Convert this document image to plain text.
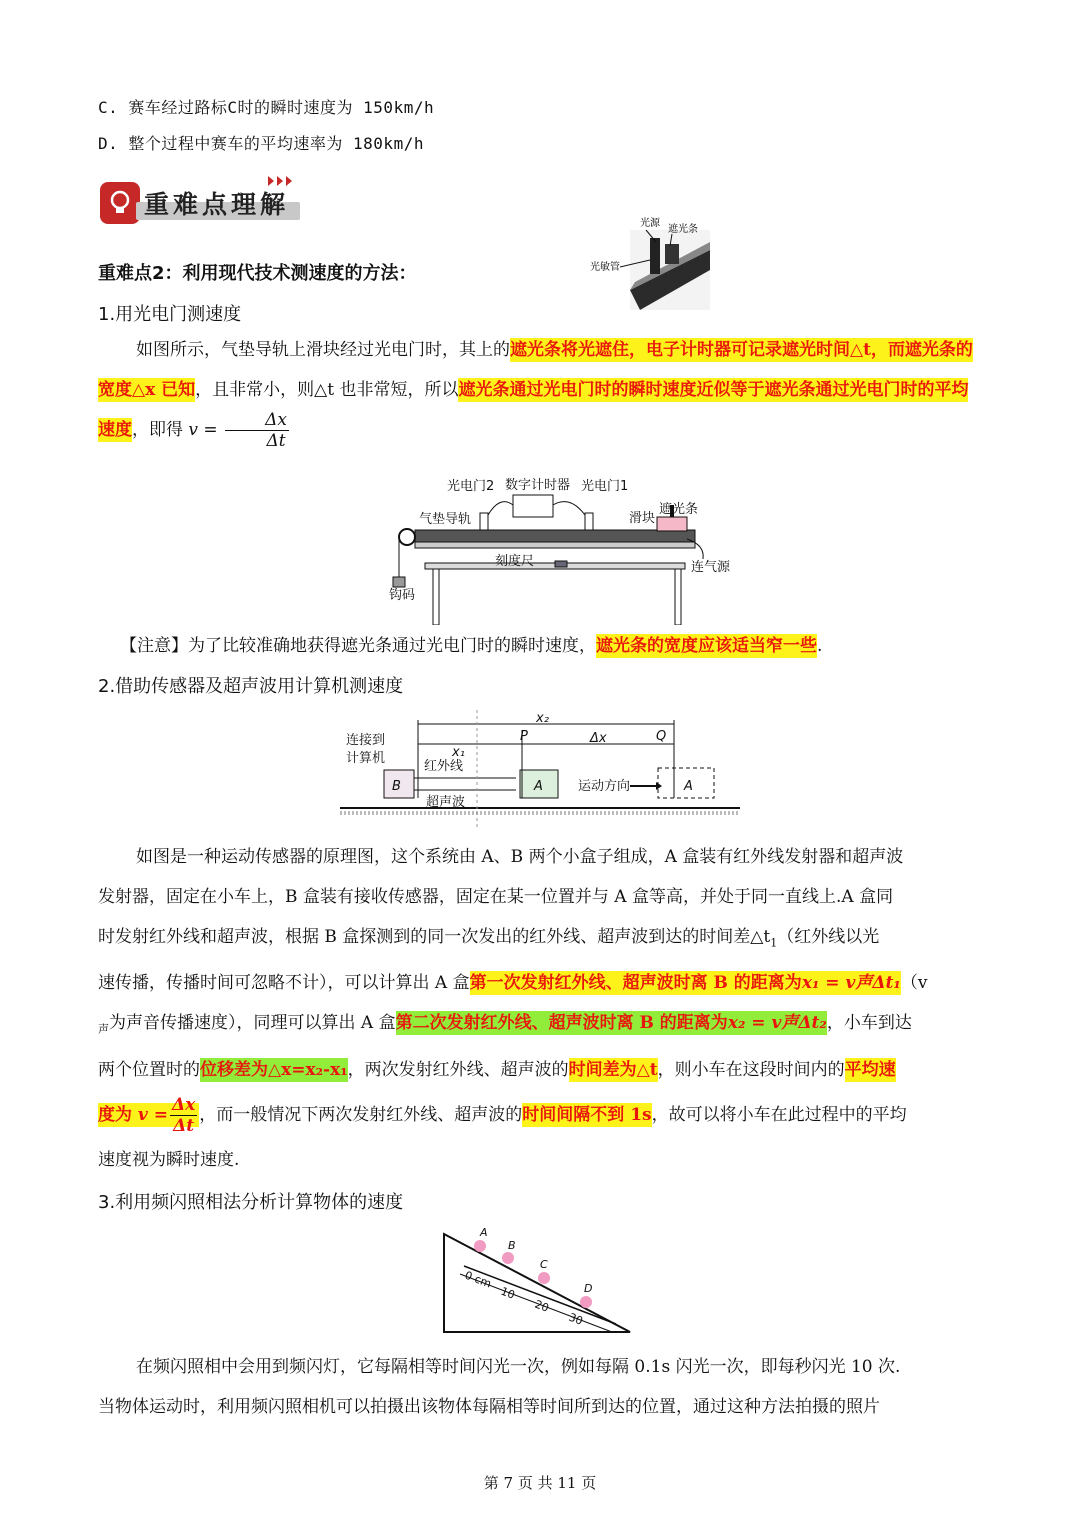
C. 赛车经过路标C时的瞬时速度为 150km/h
D. 整个过程中赛车的平均速率为 180km/h
重难点理解
重难点2：利用现代技术测速度的方法：
光源
遮光条
光敏管
1.用光电门测速度
如图所示，气垫导轨上滑块经过光电门时，其上的遮光条将光遮住，电子计时器可记录遮光时间△t，而遮光条的宽度△x 已知，且非常小，则△t 也非常短，所以遮光条通过光电门时的瞬时速度近似等于遮光条通过光电门时的平均速度，即得 $v = \frac{\Delta x}{\Delta t}$
光电门2 数字计时器 光电门1
气垫导轨	滑块
遮光条
刻度尺	连气源
钩码
【注意】为了比较准确地获得遮光条通过光电门时的瞬时速度，遮光条的宽度应该适当窄一些.
2.借助传感器及超声波用计算机测速度
连接到
计算机
红外线
超声波
运动方向
B	A	A
P	Q
x₁
x₂
Δx
如图是一种运动传感器的原理图，这个系统由 A、B 两个小盒子组成，A 盒装有红外线发射器和超声波
发射器，固定在小车上，B 盒装有接收传感器，固定在某一位置并与 A 盒等高，并处于同一直线上.A 盒同
时发射红外线和超声波，根据 B 盒探测到的同一次发出的红外线、超声波到达的时间差$\triangle t_1$（红外线以光
速传播，传播时间可忽略不计），可以计算出 A 盒第一次发射红外线、超声波时离 B 的距离为x₁ = v声Δt₁（v
$_声$为声音传播速度），同理可以算出 A 盒第二次发射红外线、超声波时离 B 的距离为x₂ = v声Δt₂，小车到达
两个位置时的位移差为△x=x₂-x₁，两次发射红外线、超声波的时间差为△t，则小车在这段时间内的平均速
度为 $v = \frac{\Delta x}{\Delta t}$ ，而一般情况下两次发射红外线、超声波的时间间隔不到 1s，故可以将小车在此过程中的平均
速度视为瞬时速度.
3.利用频闪照相法分析计算物体的速度
A
B
C
D
0 cm
10
20
30
在频闪照相中会用到频闪灯，它每隔相等时间闪光一次，例如每隔 0.1s 闪光一次，即每秒闪光 10 次.
当物体运动时，利用频闪照相机可以拍摄出该物体每隔相等时间所到达的位置，通过这种方法拍摄的照片
第 7 页 共 11 页
